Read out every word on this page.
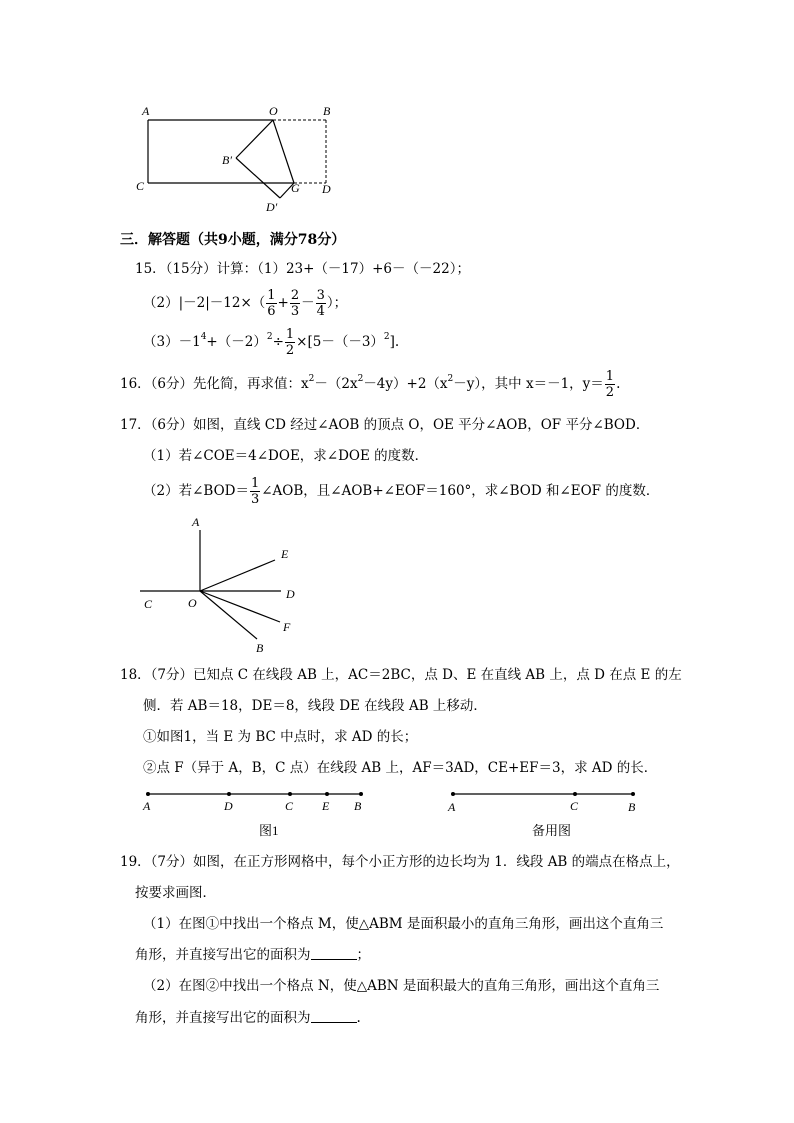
A	O	B
B′
C	G D
D′
三．解答题（共9小题，满分78分）
15．（15分）计算：（1）23+（－17）+6－（－22）；
$(2)|-2|-12\times( \frac{1}{6} + \frac{2}{3} - \frac{3}{4}$ ）；
$(3)-1^4+(-2)^2\div \frac{1}{2} \times[5-(-3)^2]$.
16．（6分）先化简，再求值：$x^2-(2x^2-4y)+2(x^2-y)$，其中 x＝－1，$y= \frac{1}{2}$ .
17．（6分）如图，直线 CD 经过∠AOB 的顶点 O，OE 平分∠AOB，OF 平分∠BOD．
（1）若∠COE＝4∠DOE，求∠DOE 的度数．
（2）若∠BOD＝ $\frac{1}{3}$ ∠AOB，且∠AOB+∠EOF＝160°，求∠BOD 和∠EOF 的度数．
A
E
C	O
D
F
B
18．（7分）已知点 C 在线段 AB 上，AC＝2BC，点 D、E 在直线 AB 上，点 D 在点 E 的左
侧．若 AB＝18，DE＝8，线段 DE 在线段 AB 上移动．
①如图1，当 E 为 BC 中点时，求 AD 的长；
②点 F（异于 A，B，C 点）在线段 AB 上，AF＝3AD，CE+EF＝3，求 AD 的长．
A	D	C E B
图1
A	C	B
备用图
19．（7分）如图，在正方形网格中，每个小正方形的边长均为 1．线段 AB 的端点在格点上，
按要求画图．
（1）在图①中找出一个格点 M，使△ABM 是面积最小的直角三角形，画出这个直角三
角形，并直接写出它的面积为	；
（2）在图②中找出一个格点 N，使△ABN 是面积最大的直角三角形，画出这个直角三
角形，并直接写出它的面积为	.
